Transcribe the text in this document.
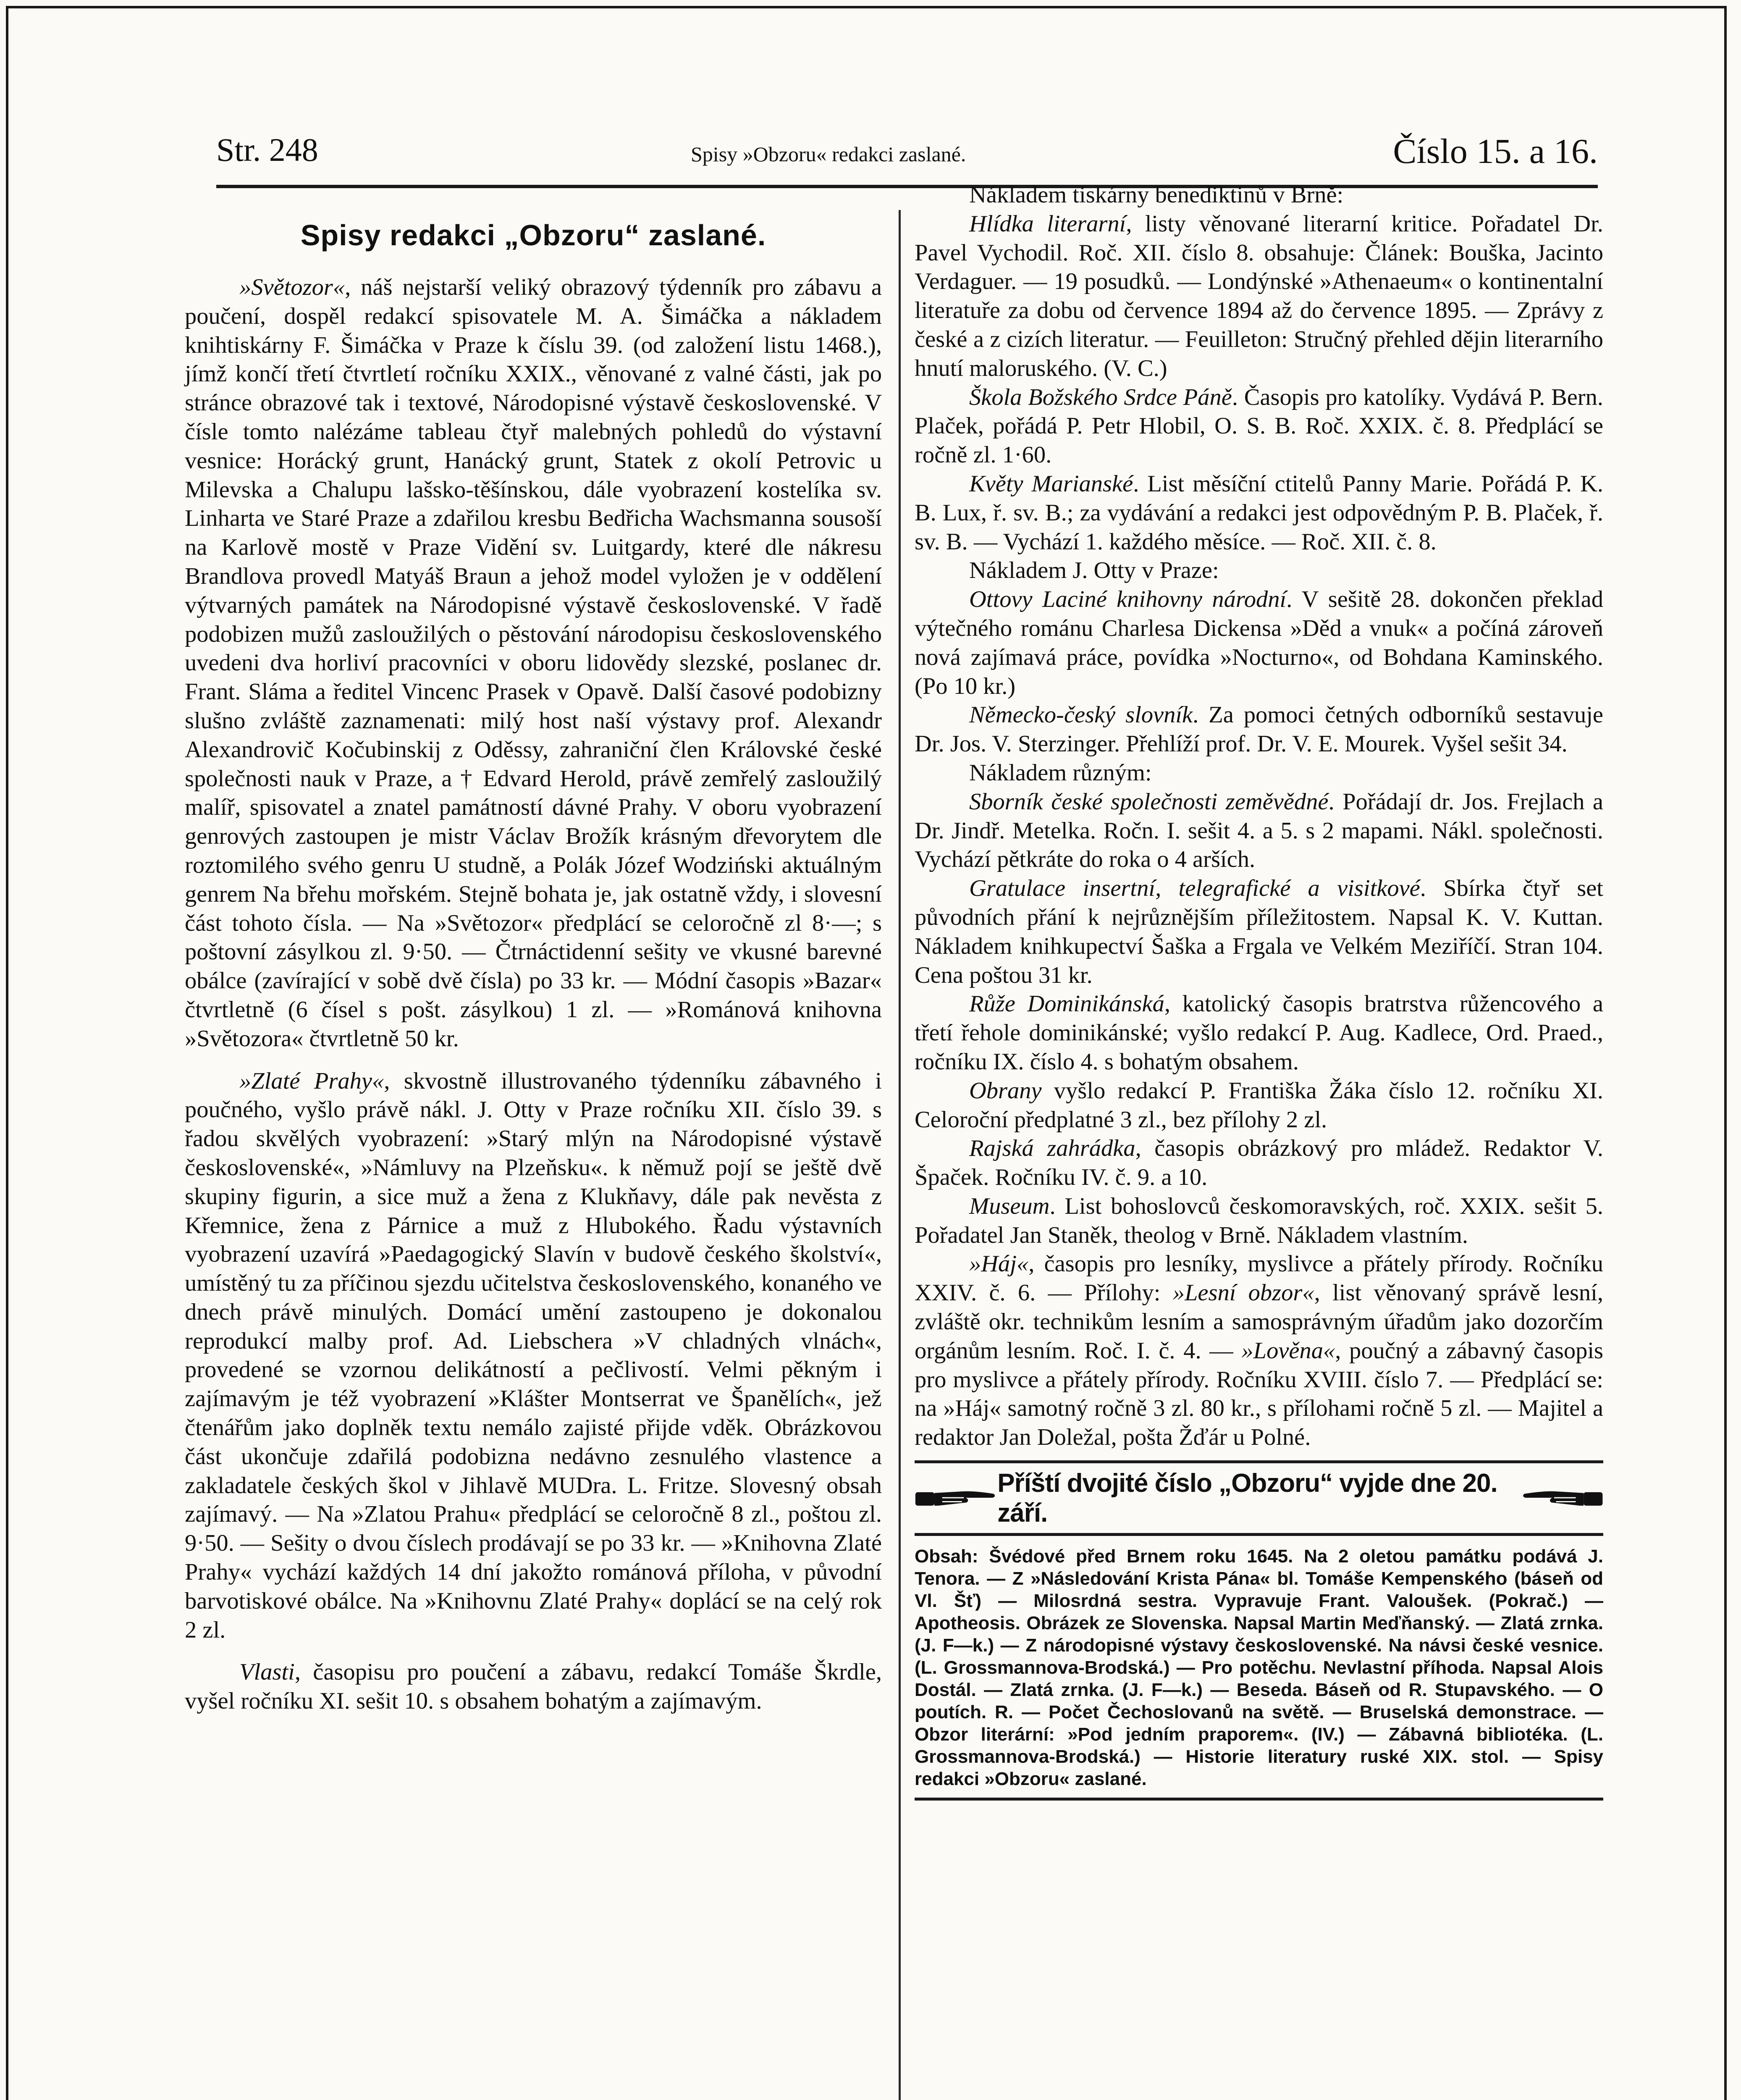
Str. 248	Spisy »Obzoru« redakci zaslané.	Číslo 15. a 16.
Spisy redakci „Obzoru“ zaslané.

»Světozor«, náš nejstarší veliký obrazový týdenník pro zábavu a poučení, dospěl redakcí spisovatele M. A. Šimáčka a nákladem knihtiskárny F. Šimáčka v Praze k číslu 39. (od založení listu 1468.), jímž končí třetí čtvrtletí ročníku XXIX., věnované z valné části, jak po stránce obrazové tak i textové, Národopisné výstavě československé. V čísle tomto nalézáme tableau čtyř malebných pohledů do výstavní vesnice: Horácký grunt, Hanácký grunt, Statek z okolí Petrovic u Milevska a Chalupu lašsko-těšínskou, dále vyobrazení kostelíka sv. Linharta ve Staré Praze a zdařilou kresbu Bedřicha Wachsmanna sousoší na Karlově mostě v Praze Vidění sv. Luitgardy, které dle nákresu Brandlova provedl Matyáš Braun a jehož model vyložen je v oddělení výtvarných památek na Národopisné výstavě československé. V řadě podobizen mužů zasloužilých o pěstování národopisu československého uvedeni dva horliví pracovníci v oboru lidovědy slezské, poslanec dr. Frant. Sláma a ředitel Vincenc Prasek v Opavě. Další časové podobizny slušno zvláště zaznamenati: milý host naší výstavy prof. Alexandr Alexandrovič Kočubinskij z Oděssy, zahraniční člen Královské české společnosti nauk v Praze, a † Edvard Herold, právě zemřelý zasloužilý malíř, spisovatel a znatel památností dávné Prahy. V oboru vyobrazení genrových zastoupen je mistr Václav Brožík krásným dřevorytem dle roztomilého svého genru U studně, a Polák Józef Wodziński aktuálným genrem Na břehu mořském. Stejně bohata je, jak ostatně vždy, i slovesní část tohoto čísla. — Na »Světozor« předplácí se celoročně zl 8·—; s poštovní zásylkou zl. 9·50. — Čtrnáctidenní sešity ve vkusné barevné obálce (zavírající v sobě dvě čísla) po 33 kr. — Módní časopis »Bazar« čtvrtletně (6 čísel s pošt. zásylkou) 1 zl. — »Románová knihovna »Světozora« čtvrtletně 50 kr.

»Zlaté Prahy«, skvostně illustrovaného týdenníku zábavného i poučného, vyšlo právě nákl. J. Otty v Praze ročníku XII. číslo 39. s řadou skvělých vyobrazení: »Starý mlýn na Národopisné výstavě československé«, »Námluvy na Plzeňsku«. k němuž pojí se ještě dvě skupiny figurin, a sice muž a žena z Klukňavy, dále pak nevěsta z Křemnice, žena z Párnice a muž z Hlubokého. Řadu výstavních vyobrazení uzavírá »Paedagogický Slavín v budově českého školství«, umístěný tu za příčinou sjezdu učitelstva československého, konaného ve dnech právě minulých. Domácí umění zastoupeno je dokonalou reprodukcí malby prof. Ad. Liebschera »V chladných vlnách«, provedené se vzornou delikátností a pečlivostí. Velmi pěkným i zajímavým je též vyobrazení »Klášter Montserrat ve Španělích«, jež čtenářům jako doplněk textu nemálo zajisté přijde vděk. Obrázkovou část ukončuje zdařilá podobizna nedávno zesnulého vlastence a zakladatele českých škol v Jihlavě MUDra. L. Fritze. Slovesný obsah zajímavý. — Na »Zlatou Prahu« předplácí se celoročně 8 zl., poštou zl. 9·50. — Sešity o dvou číslech prodávají se po 33 kr. — »Knihovna Zlaté Prahy« vychází každých 14 dní jakožto románová příloha, v původní barvotiskové obálce. Na »Knihovnu Zlaté Prahy« doplácí se na celý rok 2 zl.

Vlasti, časopisu pro poučení a zábavu, redakcí Tomáše Škrdle, vyšel ročníku XI. sešit 10. s obsahem bohatým a zajímavým.

Nákladem tiskárny benediktinů v Brně:

Hlídka literarní, listy věnované literarní kritice. Pořadatel Dr. Pavel Vychodil. Roč. XII. číslo 8. obsahuje: Článek: Bouška, Jacinto Verdaguer. — 19 posudků. — Londýnské »Athenaeum« o kontinentalní literatuře za dobu od července 1894 až do července 1895. — Zprávy z české a z cizích literatur. — Feuilleton: Stručný přehled dějin literarního hnutí maloruského. (V. C.)

Škola Božského Srdce Páně. Časopis pro katolíky. Vydává P. Bern. Plaček, pořádá P. Petr Hlobil, O. S. B. Roč. XXIX. č. 8. Předplácí se ročně zl. 1·60.

Květy Marianské. List měsíční ctitelů Panny Marie. Pořádá P. K. B. Lux, ř. sv. B.; za vydávání a redakci jest odpovědným P. B. Plaček, ř. sv. B. — Vychází 1. každého měsíce. — Roč. XII. č. 8.

Nákladem J. Otty v Praze:

Ottovy Laciné knihovny národní. V sešitě 28. dokončen překlad výtečného románu Charlesa Dickensa »Děd a vnuk« a počíná zároveň nová zajímavá práce, povídka »Nocturno«, od Bohdana Kaminského. (Po 10 kr.)

Německo-český slovník. Za pomoci četných odborníků sestavuje Dr. Jos. V. Sterzinger. Přehlíží prof. Dr. V. E. Mourek. Vyšel sešit 34.

Nákladem různým:

Sborník české společnosti zeměvědné. Pořádají dr. Jos. Frejlach a Dr. Jindř. Metelka. Ročn. I. sešit 4. a 5. s 2 mapami. Nákl. společnosti. Vychází pětkráte do roka o 4 arších.

Gratulace insertní, telegrafické a visitkové. Sbírka čtyř set původních přání k nejrůznějším příležitostem. Napsal K. V. Kuttan. Nákladem knihkupectví Šaška a Frgala ve Velkém Meziříčí. Stran 104. Cena poštou 31 kr.

Růže Dominikánská, katolický časopis bratrstva růžencového a třetí řehole dominikánské; vyšlo redakcí P. Aug. Kadlece, Ord. Praed., ročníku IX. číslo 4. s bohatým obsahem.

Obrany vyšlo redakcí P. Františka Žáka číslo 12. ročníku XI. Celoroční předplatné 3 zl., bez přílohy 2 zl.

Rajská zahrádka, časopis obrázkový pro mládež. Redaktor V. Špaček. Ročníku IV. č. 9. a 10.

Museum. List bohoslovců českomoravských, roč. XXIX. sešit 5. Pořadatel Jan Staněk, theolog v Brně. Nákladem vlastním.

»Háj«, časopis pro lesníky, myslivce a přátely přírody. Ročníku XXIV. č. 6. — Přílohy: »Lesní obzor«, list věnovaný správě lesní, zvláště okr. technikům lesním a samosprávným úřadům jako dozorčím orgánům lesním. Roč. I. č. 4. — »Lověna«, poučný a zábavný časopis pro myslivce a přátely přírody. Ročníku XVIII. číslo 7. — Předplácí se: na »Háj« samotný ročně 3 zl. 80 kr., s přílohami ročně 5 zl. — Majitel a redaktor Jan Doležal, pošta Žďár u Polné.

Příští dvojité číslo „Obzoru“ vyjde dne 20. září.
Obsah: Švédové před Brnem roku 1645. Na 2 oletou památku podává J. Tenora. — Z »Následování Krista Pána« bl. Tomáše Kempenského (báseň od Vl. Šť) — Milosrdná sestra. Vypravuje Frant. Valoušek. (Pokrač.) — Apotheosis. Obrázek ze Slovenska. Napsal Martin Meďňanský. — Zlatá zrnka. (J. F—k.) — Z národopisné výstavy československé. Na návsi české vesnice. (L. Grossmannova-Brodská.) — Pro potěchu. Nevlastní příhoda. Napsal Alois Dostál. — Zlatá zrnka. (J. F—k.) — Beseda. Báseň od R. Stupavského. — O poutích. R. — Počet Čechoslovanů na světě. — Bruselská demonstrace. — Obzor literární: »Pod jedním praporem«. (IV.) — Zábavná bibliotéka. (L. Grossmannova-Brodská.) — Historie literatury ruské XIX. stol. — Spisy redakci »Obzoru« zaslané.
